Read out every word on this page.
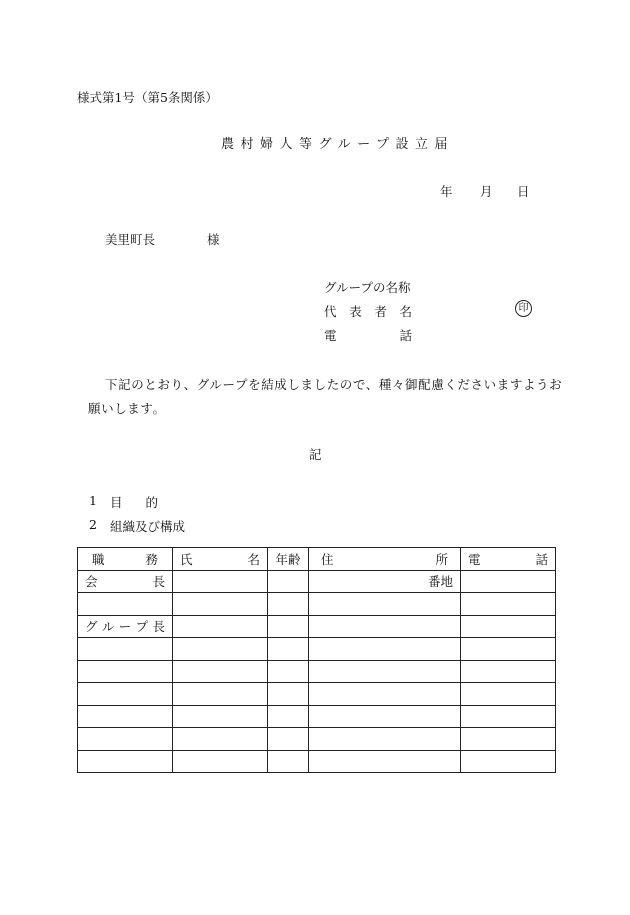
様式第1号（第5条関係）
農村婦人等グループ設立届
年 月 日
美里町長	様
グループの名称
代 表 者 名	印
電	話
下記のとおり、グループを結成しましたので、種々御配慮くださいますようお
願いします。
記
1 目 的
2 組織及び構成
職 務	氏 名	年齢	住 所	電 話

会 長			番地	

グ ル ー プ 長				
